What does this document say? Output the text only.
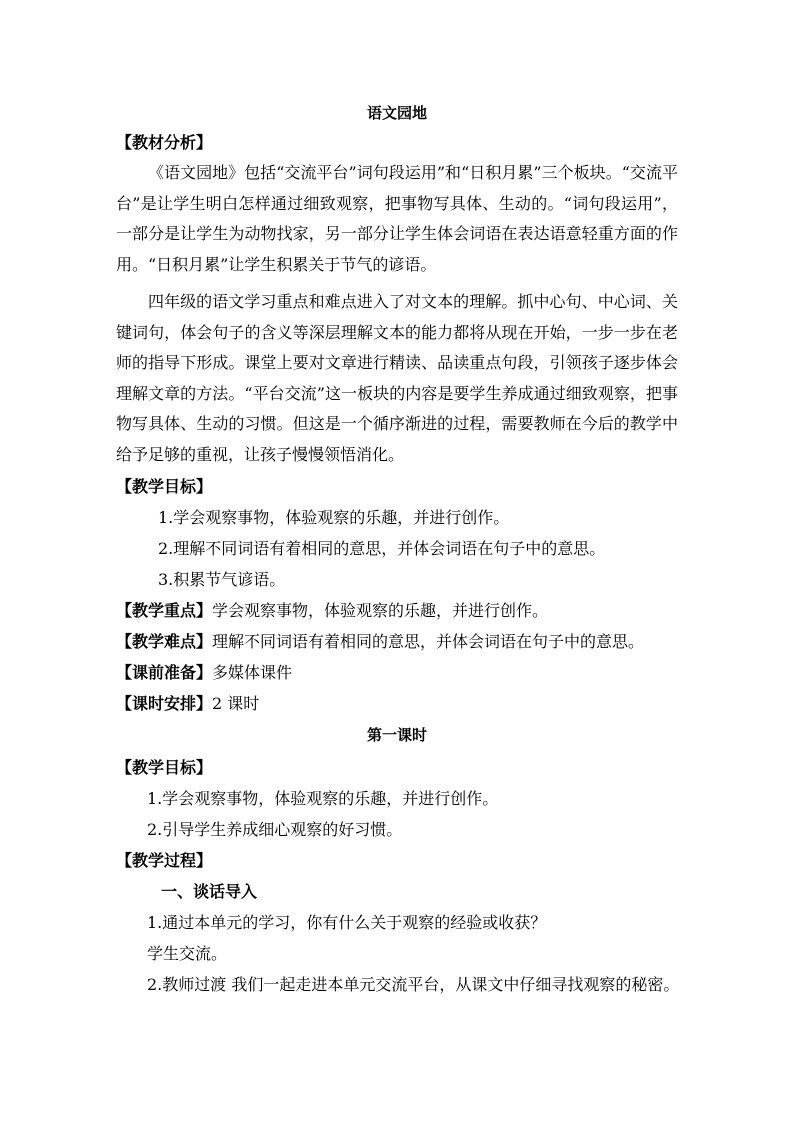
语文园地
【教材分析】
《语文园地》包括“交流平台”词句段运用”和“日积月累”三个板块。“交流平台”是让学生明白怎样通过细致观察，把事物写具体、生动的。“词句段运用”，一部分是让学生为动物找家，另一部分让学生体会词语在表达语意轻重方面的作用。“日积月累”让学生积累关于节气的谚语。
四年级的语文学习重点和难点进入了对文本的理解。抓中心句、中心词、关键词句，体会句子的含义等深层理解文本的能力都将从现在开始，一步一步在老师的指导下形成。课堂上要对文章进行精读、品读重点句段，引领孩子逐步体会理解文章的方法。“平台交流”这一板块的内容是要学生养成通过细致观察，把事物写具体、生动的习惯。但这是一个循序渐进的过程，需要教师在今后的教学中给予足够的重视，让孩子慢慢领悟消化。
【教学目标】
1.学会观察事物，体验观察的乐趣，并进行创作。
2.理解不同词语有着相同的意思，并体会词语在句子中的意思。
3.积累节气谚语。
【教学重点】学会观察事物，体验观察的乐趣，并进行创作。
【教学难点】理解不同词语有着相同的意思，并体会词语在句子中的意思。
【课前准备】多媒体课件
【课时安排】2 课时
第一课时
【教学目标】
1.学会观察事物，体验观察的乐趣，并进行创作。
2.引导学生养成细心观察的好习惯。
【教学过程】
一、谈话导入
1.通过本单元的学习，你有什么关于观察的经验或收获？
学生交流。
2.教师过渡 我们一起走进本单元交流平台，从课文中仔细寻找观察的秘密。
